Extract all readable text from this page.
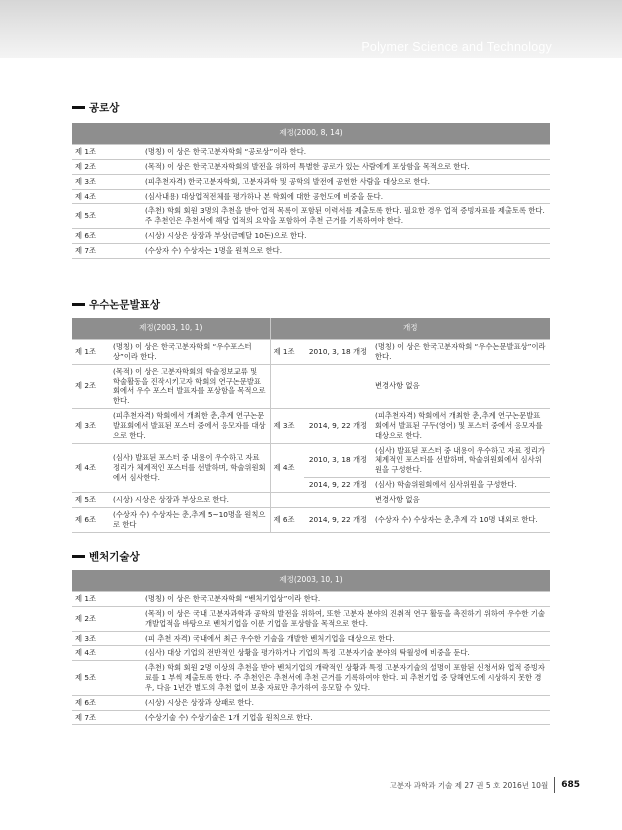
Polymer Science and Technology
공로상
제정(2000, 8, 14)	
제 1조	(명칭) 이 상은 한국고분자학회 “공로상”이라 한다.
제 2조	(목적) 이 상은 한국고분자학회의 발전을 위하여 특별한 공로가 있는 사람에게 포상함을 목적으로 한다.
제 3조	(피추천자격) 한국고분자학회, 고분자과학 및 공학의 발전에 공헌한 사람을 대상으로 한다.
제 4조	(심사내용) 대상업적전체를 평가하나 본 학회에 대한 공헌도에 비중을 둔다.
제 5조	(추천) 학회 회원 3명의 추천을 받아 업적 목록이 포함된 이력서를 제출토록 한다. 필요한 경우 업적 증빙자료를 제출토록 한다. 주 추천인은 추천서에 해당 업적의 요약을 포함하여 추천 근거를 기록하여야 한다.
제 6조	(시상) 시상은 상장과 부상(금메달 10돈)으로 한다.
제 7조	(수상자 수) 수상자는 1명을 원칙으로 한다.
우수논문발표상
제정(2003, 10, 1)		개정		
제 1조	(명칭) 이 상은 한국고분자학회 “우수포스터상”이라 한다.	제 1조	2010, 3, 18 개정	(명칭) 이 상은 한국고분자학회 “우수논문발표상”이라 한다.
제 2조	(목적) 이 상은 고분자학회의 학술정보교류 및 학술활동을 진작시키고자 학회의 연구논문발표회에서 우수 포스터 발표자를 포상함을 목적으로 한다.			변경사항 없음
제 3조	(피추천자격) 학회에서 개최한 춘,추계 연구논문발표회에서 발표된 포스터 중에서 응모자를 대상으로 한다.	제 3조	2014, 9, 22 개정	(피추천자격) 학회에서 개최한 춘,추계 연구논문발표회에서 발표된 구두(영어) 및 포스터 중에서 응모자를 대상으로 한다.
제 4조	(심사) 발표된 포스터 중 내용이 우수하고 자료 정리가 체계적인 포스터를 선발하며, 학술위원회에서 심사한다.	제 4조	2010, 3, 18 개정	(심사) 발표된 포스터 중 내용이 우수하고 자료 정리가 체계적인 포스터를 선발하며, 학술위원회에서 심사위원을 구성한다.
			2014, 9, 22 개정	(심사) 학술위원회에서 심사위원을 구성한다.
제 5조	(시상) 시상은 상장과 부상으로 한다.			변경사항 없음
제 6조	(수상자 수) 수상자는 춘,추계 5~10명을 원칙으로 한다	제 6조	2014, 9, 22 개정	(수상자 수) 수상자는 춘,추계 각 10명 내외로 한다.
벤처기술상
제정(2003, 10, 1)	
제 1조	(명칭) 이 상은 한국고분자학회 “벤처기업상”이라 한다.
제 2조	(목적) 이 상은 국내 고분자과학과 공학의 발전을 위하여, 또한 고분자 분야의 진취적 연구 활동을 촉진하기 위하여 우수한 기술개발업적을 바탕으로 벤처기업을 이룬 기업을 포상함을 목적으로 한다.
제 3조	(피 추천 자격) 국내에서 최근 우수한 기술을 개발한 벤처기업을 대상으로 한다.
제 4조	(심사) 대상 기업의 전반적인 상황을 평가하거나 기업의 특정 고분자기술 분야의 탁월성에 비중을 둔다.
제 5조	(추천) 학회 회원 2명 이상의 추천을 받아 벤처기업의 개략적인 상황과 특정 고분자기술의 설명이 포함된 신청서와 업적 증빙자료를 1 부씩 제출토록 한다. 주 추천인은 추천서에 추천 근거를 기록하여야 한다. 피 추천기업 중 당해연도에 시상하지 못한 경우, 다음 1년간 별도의 추천 없이 보충 자료만 추가하여 응모할 수 있다.
제 6조	(시상) 시상은 상장과 상패로 한다.
제 7조	(수상기술 수) 수상기술은 1개 기업을 원칙으로 한다.
고분자 과학과 기술 제 27 권 5 호 2016년 10월 685
